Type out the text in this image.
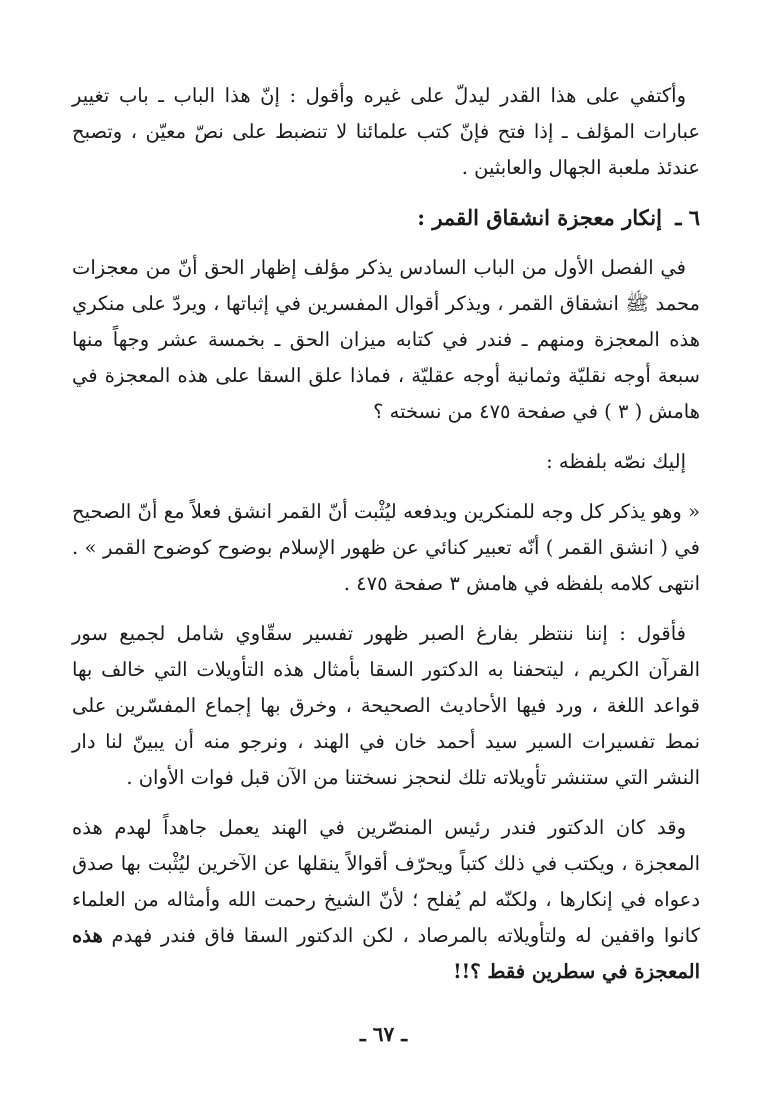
وأكتفي على هذا القدر ليدلّ على غيره وأقول : إنّ هذا الباب ـ باب تغيير عبارات المؤلف ـ إذا فتح فإنّ كتب علمائنا لا تنضبط على نصّ معيّن ، وتصبح عندئذ ملعبة الجهال والعابثين .

٦ ـ إنكار معجزة انشقاق القمر :

في الفصل الأول من الباب السادس يذكر مؤلف إظهار الحق أنّ من معجزات محمد ﷺ انشقاق القمر ، ويذكر أقوال المفسرين في إثباتها ، ويردّ على منكري هذه المعجزة ومنهم ـ فندر في كتابه ميزان الحق ـ بخمسة عشر وجهاً منها سبعة أوجه نقليّة وثمانية أوجه عقليّة ، فماذا علق السقا على هذه المعجزة في هامش ( ٣ ) في صفحة ٤٧٥ من نسخته ؟

إليك نصّه بلفظه :

« وهو يذكر كل وجه للمنكرين ويدفعه ليُثْبت أنّ القمر انشق فعلاً مع أنّ الصحيح في ( انشق القمر ) أنّه تعبير كنائي عن ظهور الإسلام بوضوح كوضوح القمر » . انتهى كلامه بلفظه في هامش ٣ صفحة ٤٧٥ .

فأقول : إننا ننتظر بفارغ الصبر ظهور تفسير سقّاوي شامل لجميع سور القرآن الكريم ، ليتحفنا به الدكتور السقا بأمثال هذه التأويلات التي خالف بها قواعد اللغة ، ورد فيها الأحاديث الصحيحة ، وخرق بها إجماع المفسّرين على نمط تفسيرات السير سيد أحمد خان في الهند ، ونرجو منه أن يبينّ لنا دار النشر التي ستنشر تأويلاته تلك لنحجز نسختنا من الآن قبل فوات الأوان .

وقد كان الدكتور فندر رئيس المنصّرين في الهند يعمل جاهداً لهدم هذه المعجزة ، ويكتب في ذلك كتباً ويحرّف أقوالاً ينقلها عن الآخرين ليُثْبت بها صدق دعواه في إنكارها ، ولكنّه لم يُفلح ؛ لأنّ الشيخ رحمت الله وأمثاله من العلماء كانوا واقفين له ولتأويلاته بالمرصاد ، لكن الدكتور السقا فاق فندر فهدم هذه المعجزة في سطرين فقط ؟!!

ـ ٦٧ ـ
